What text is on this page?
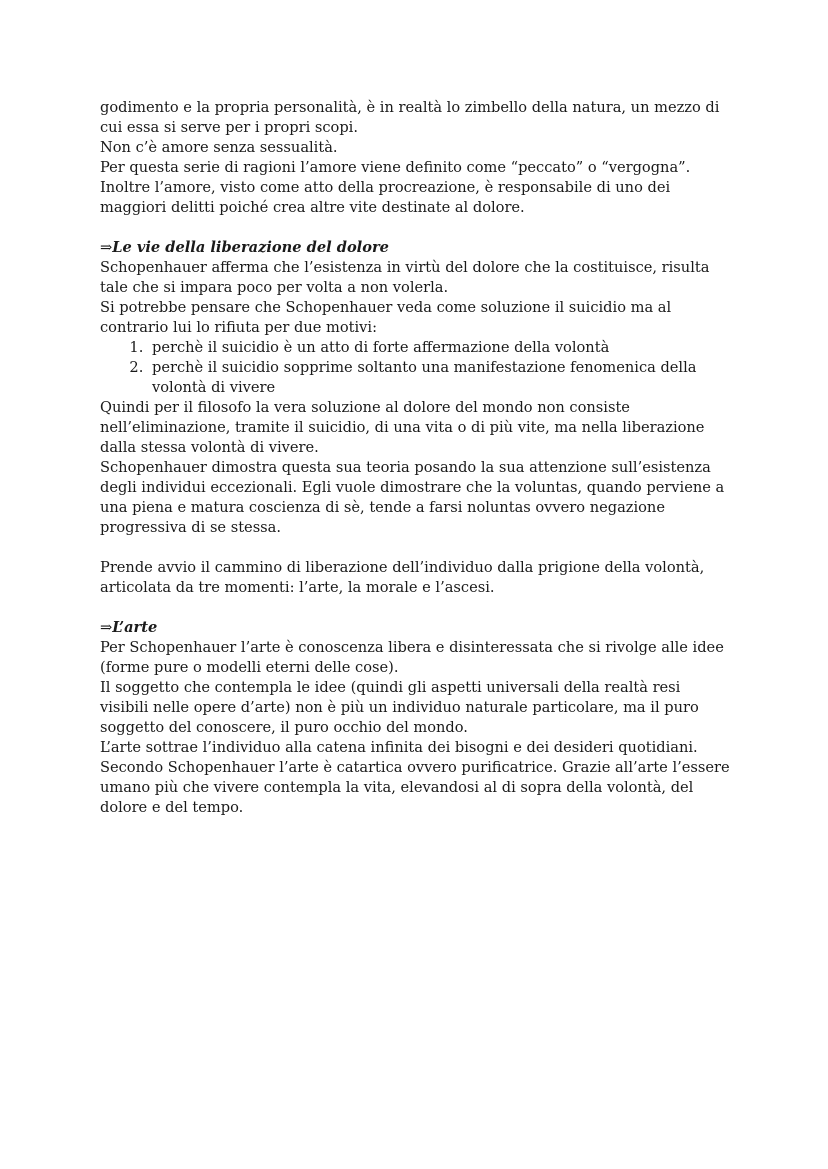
godimento e la propria personalità, è in realtà lo zimbello della natura, un mezzo di cui essa si serve per i propri scopi.

Non c’è amore senza sessualità.

Per questa serie di ragioni l’amore viene definito come “peccato” o “vergogna”.

Inoltre l’amore, visto come atto della procreazione, è responsabile di uno dei maggiori delitti poiché crea altre vite destinate al dolore.

⇒Le vie della liberazione del dolore

Schopenhauer afferma che l’esistenza in virtù del dolore che la costituisce, risulta tale che si impara poco per volta a non volerla.

Si potrebbe pensare che Schopenhauer veda come soluzione il suicidio ma al contrario lui lo rifiuta per due motivi:

1. perchè il suicidio è un atto di forte affermazione della volontà
2. perchè il suicidio sopprime soltanto una manifestazione fenomenica della volontà di vivere

Quindi per il filosofo la vera soluzione al dolore del mondo non consiste nell’eliminazione, tramite il suicidio, di una vita o di più vite, ma nella liberazione dalla stessa volontà di vivere.

Schopenhauer dimostra questa sua teoria posando la sua attenzione sull’esistenza degli individui eccezionali. Egli vuole dimostrare che la voluntas, quando perviene a una piena e matura coscienza di sè, tende a farsi noluntas ovvero negazione progressiva di se stessa.

Prende avvio il cammino di liberazione dell’individuo dalla prigione della volontà, articolata da tre momenti: l’arte, la morale e l’ascesi.

⇒L’arte

Per Schopenhauer l’arte è conoscenza libera e disinteressata che si rivolge alle idee (forme pure o modelli eterni delle cose).

Il soggetto che contempla le idee (quindi gli aspetti universali della realtà resi visibili nelle opere d’arte) non è più un individuo naturale particolare, ma il puro soggetto del conoscere, il puro occhio del mondo.

L’arte sottrae l’individuo alla catena infinita dei bisogni e dei desideri quotidiani. Secondo Schopenhauer l’arte è catartica ovvero purificatrice. Grazie all’arte l’essere umano più che vivere contempla la vita, elevandosi al di sopra della volontà, del dolore e del tempo.
